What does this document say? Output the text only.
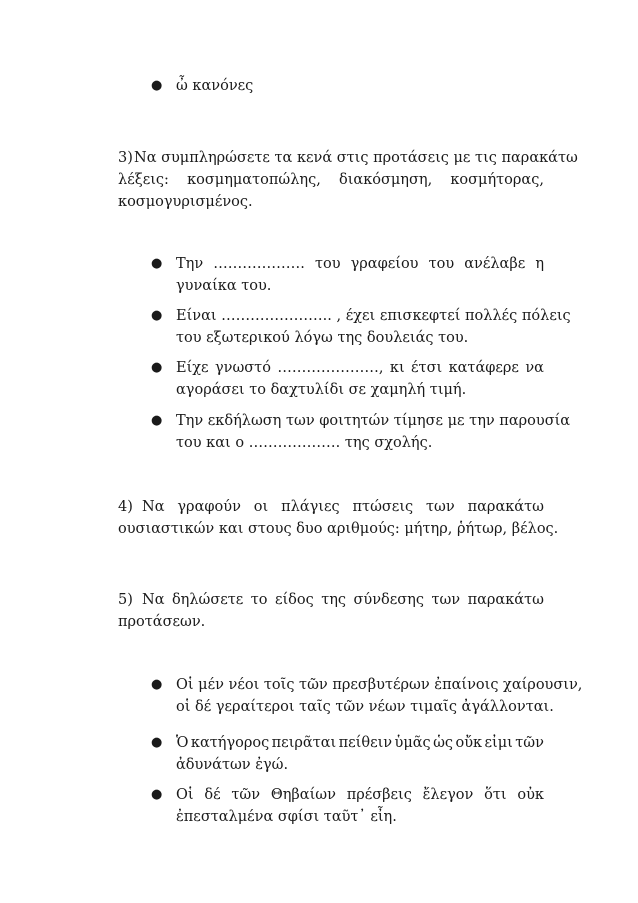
● ὦ κανόνες
3) Να συμπληρώσετε τα κενά στις προτάσεις με τις παρακάτω
λέξεις: κοσμηματοπώλης, διακόσμηση, κοσμήτορας,
κοσμογυρισμένος.
● Την ………………. του γραφείου του ανέλαβε η
γυναίκα του.
● Είναι ………………….. , έχει επισκεφτεί πολλές πόλεις
του εξωτερικού λόγω της δουλειάς του.
● Είχε γνωστό …………………, κι έτσι κατάφερε να
αγοράσει το δαχτυλίδι σε χαμηλή τιμή.
● Την εκδήλωση των φοιτητών τίμησε με την παρουσία
του και ο ………………. της σχολής.
4) Να γραφούν οι πλάγιες πτώσεις των παρακάτω
ουσιαστικών και στους δυο αριθμούς: μήτηρ, ῥήτωρ, βέλος.
5) Να δηλώσετε το είδος της σύνδεσης των παρακάτω
προτάσεων.
● Οἱ μέν νέοι τοῖς τῶν πρεσβυτέρων ἐπαίνοις χαίρουσιν,
οἱ δέ γεραίτεροι ταῖς τῶν νέων τιμαῖς ἀγάλλονται.
● Ὁ κατήγορος πειρᾶται πείθειν ὑμᾶς ὡς οὔκ εἰμι τῶν
ἀδυνάτων ἐγώ.
● Οἱ δέ τῶν Θηβαίων πρέσβεις ἔλεγον ὅτι οὐκ
ἐπεσταλμένα σφίσι ταῦτ᾽ εἶη.
